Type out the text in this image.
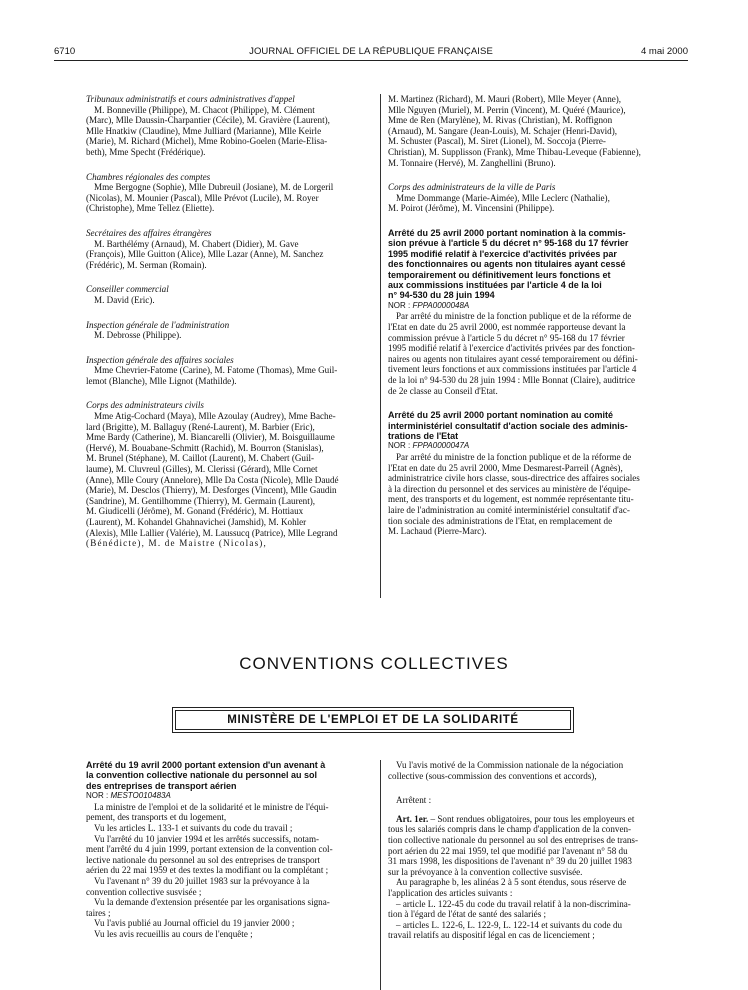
6710	JOURNAL OFFICIEL DE LA RÉPUBLIQUE FRANÇAISE	4 mai 2000

Tribunaux administratifs et cours administratives d'appel

M. Bonneville (Philippe), M. Chacot (Philippe), M. Clément

(Marc), Mlle Daussin-Charpantier (Cécile), M. Gravière (Laurent),

Mlle Hnatkiw (Claudine), Mme Julliard (Marianne), Mlle Keirle

(Marie), M. Richard (Michel), Mme Robino-Goelen (Marie-Elisa-

beth), Mme Specht (Frédérique).

Chambres régionales des comptes

Mme Bergogne (Sophie), Mlle Dubreuil (Josiane), M. de Lorgeril

(Nicolas), M. Mounier (Pascal), Mlle Prévot (Lucile), M. Royer

(Christophe), Mme Tellez (Eliette).

Secrétaires des affaires étrangères

M. Barthélémy (Arnaud), M. Chabert (Didier), M. Gave

(François), Mlle Guitton (Alice), Mlle Lazar (Anne), M. Sanchez

(Frédéric), M. Serman (Romain).

Conseiller commercial

M. David (Eric).

Inspection générale de l'administration

M. Debrosse (Philippe).

Inspection générale des affaires sociales

Mme Chevrier-Fatome (Carine), M. Fatome (Thomas), Mme Guil-

lemot (Blanche), Mlle Lignot (Mathilde).

Corps des administrateurs civils

Mme Atig-Cochard (Maya), Mlle Azoulay (Audrey), Mme Bache-

lard (Brigitte), M. Ballaguy (René-Laurent), M. Barbier (Eric),

Mme Bardy (Catherine), M. Biancarelli (Olivier), M. Boisguillaume

(Hervé), M. Bouabane-Schmitt (Rachid), M. Bourron (Stanislas),

M. Brunel (Stéphane), M. Caillot (Laurent), M. Chabert (Guil-

laume), M. Cluvreul (Gilles), M. Clerissi (Gérard), Mlle Cornet

(Anne), Mlle Coury (Annelore), Mlle Da Costa (Nicole), Mlle Daudé

(Marie), M. Desclos (Thierry), M. Desforges (Vincent), Mlle Gaudin

(Sandrine), M. Gentilhomme (Thierry), M. Germain (Laurent),

M. Giudicelli (Jérôme), M. Gonand (Frédéric), M. Hottiaux

(Laurent), M. Kohandel Ghahnavichei (Jamshid), M. Kohler

(Alexis), Mlle Lallier (Valérie), M. Laussucq (Patrice), Mlle Legrand

(Bénédicte), M. de Maistre (Nicolas),

M. Martinez (Richard), M. Mauri (Robert), Mlle Meyer (Anne),

Mlle Nguyen (Muriel), M. Perrin (Vincent), M. Quéré (Maurice),

Mme de Ren (Marylène), M. Rivas (Christian), M. Roffignon

(Arnaud), M. Sangare (Jean-Louis), M. Schajer (Henri-David),

M. Schuster (Pascal), M. Siret (Lionel), M. Soccoja (Pierre-

Christian), M. Supplisson (Frank), Mme Thibau-Leveque (Fabienne),

M. Tonnaire (Hervé), M. Zanghellini (Bruno).

Corps des administrateurs de la ville de Paris

Mme Dommange (Marie-Aimée), Mlle Leclerc (Nathalie),

M. Poirot (Jérôme), M. Vincensini (Philippe).

Arrêté du 25 avril 2000 portant nomination à la commis-

sion prévue à l'article 5 du décret n° 95-168 du 17 février

1995 modifié relatif à l'exercice d'activités privées par

des fonctionnaires ou agents non titulaires ayant cessé

temporairement ou définitivement leurs fonctions et

aux commissions instituées par l'article 4 de la loi

n° 94-530 du 28 juin 1994

NOR : FPPA0000048A

Par arrêté du ministre de la fonction publique et de la réforme de

l'Etat en date du 25 avril 2000, est nommée rapporteuse devant la

commission prévue à l'article 5 du décret n° 95-168 du 17 février

1995 modifié relatif à l'exercice d'activités privées par des fonction-

naires ou agents non titulaires ayant cessé temporairement ou défini-

tivement leurs fonctions et aux commissions instituées par l'article 4

de la loi n° 94-530 du 28 juin 1994 : Mlle Bonnat (Claire), auditrice

de 2e classe au Conseil d'Etat.

Arrêté du 25 avril 2000 portant nomination au comité

interministériel consultatif d'action sociale des adminis-

trations de l'Etat

NOR : FPPA0000047A

Par arrêté du ministre de la fonction publique et de la réforme de

l'Etat en date du 25 avril 2000, Mme Desmarest-Parreil (Agnès),

administratrice civile hors classe, sous-directrice des affaires sociales

à la direction du personnel et des services au ministère de l'équipe-

ment, des transports et du logement, est nommée représentante titu-

laire de l'administration au comité interministériel consultatif d'ac-

tion sociale des administrations de l'Etat, en remplacement de

M. Lachaud (Pierre-Marc).

CONVENTIONS COLLECTIVES
MINISTÈRE DE L'EMPLOI ET DE LA SOLIDARITÉ

Arrêté du 19 avril 2000 portant extension d'un avenant à

la convention collective nationale du personnel au sol

des entreprises de transport aérien

NOR : MESTO010483A

La ministre de l'emploi et de la solidarité et le ministre de l'équi-

pement, des transports et du logement,

Vu les articles L. 133-1 et suivants du code du travail ;

Vu l'arrêté du 10 janvier 1994 et les arrêtés successifs, notam-

ment l'arrêté du 4 juin 1999, portant extension de la convention col-

lective nationale du personnel au sol des entreprises de transport

aérien du 22 mai 1959 et des textes la modifiant ou la complétant ;

Vu l'avenant n° 39 du 20 juillet 1983 sur la prévoyance à la

convention collective susvisée ;

Vu la demande d'extension présentée par les organisations signa-

taires ;

Vu l'avis publié au Journal officiel du 19 janvier 2000 ;

Vu les avis recueillis au cours de l'enquête ;

Vu l'avis motivé de la Commission nationale de la négociation

collective (sous-commission des conventions et accords),

Arrêtent :

Art. 1er. – Sont rendues obligatoires, pour tous les employeurs et

tous les salariés compris dans le champ d'application de la conven-

tion collective nationale du personnel au sol des entreprises de trans-

port aérien du 22 mai 1959, tel que modifié par l'avenant n° 58 du

31 mars 1998, les dispositions de l'avenant n° 39 du 20 juillet 1983

sur la prévoyance à la convention collective susvisée.

Au paragraphe b, les alinéas 2 à 5 sont étendus, sous réserve de

l'application des articles suivants :

– article L. 122-45 du code du travail relatif à la non-discrimina-

tion à l'égard de l'état de santé des salariés ;

– articles L. 122-6, L. 122-9, L. 122-14 et suivants du code du

travail relatifs au dispositif légal en cas de licenciement ;
